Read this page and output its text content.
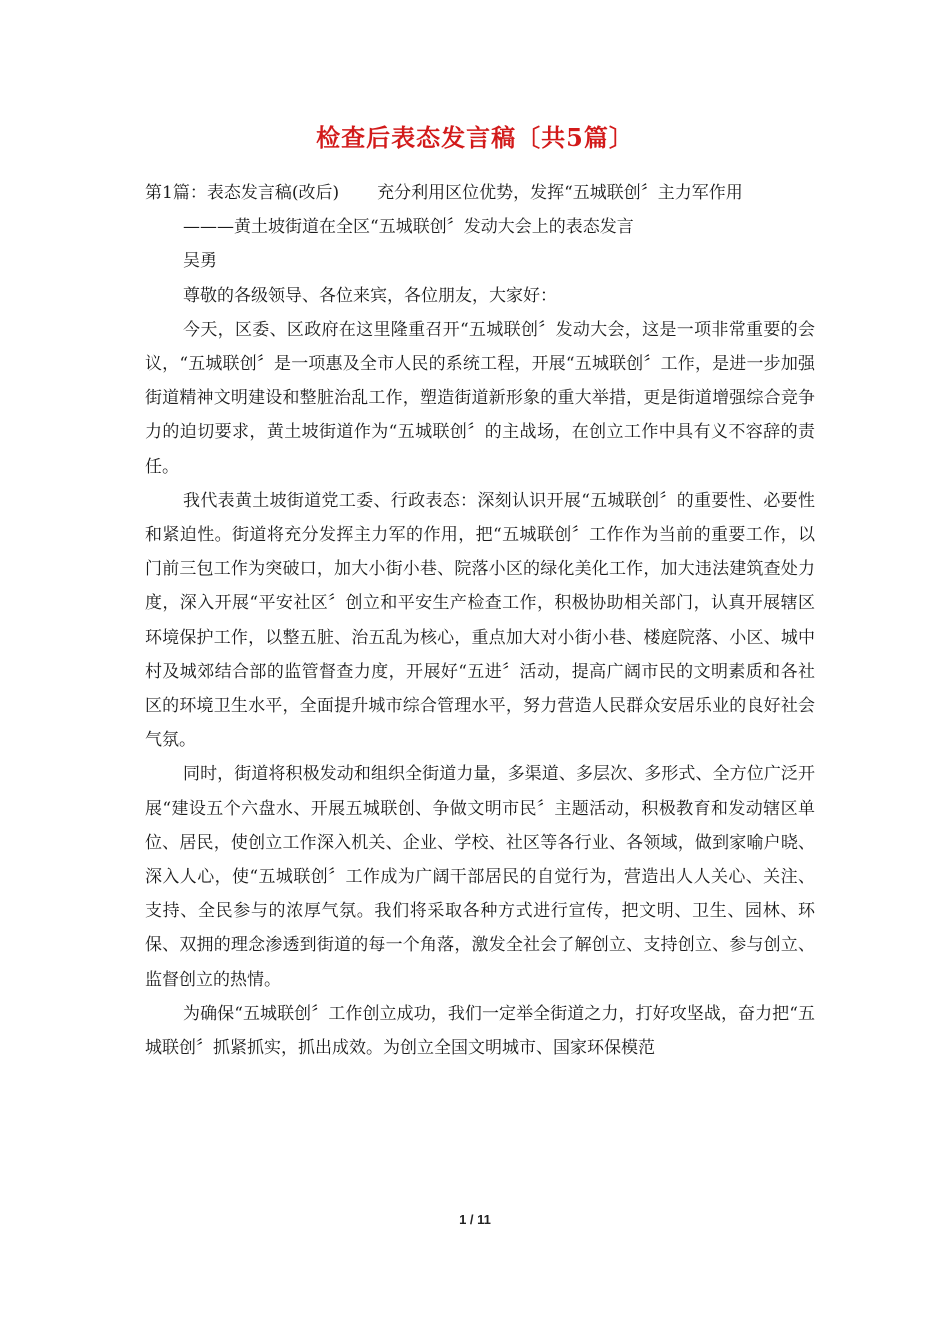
检查后表态发言稿〔共5篇〕

第1篇：表态发言稿(改后) 充分利用区位优势，发挥“五城联创〞主力军作用

———黄土坡街道在全区“五城联创〞发动大会上的表态发言

吴勇

尊敬的各级领导、各位来宾，各位朋友，大家好：

今天，区委、区政府在这里隆重召开“五城联创〞发动大会，这是一项非常重要的会议，“五城联创〞是一项惠及全市人民的系统工程，开展“五城联创〞工作，是进一步加强街道精神文明建设和整脏治乱工作，塑造街道新形象的重大举措，更是街道增强综合竞争力的迫切要求，黄土坡街道作为“五城联创〞的主战场，在创立工作中具有义不容辞的责任。

我代表黄土坡街道党工委、行政表态：深刻认识开展“五城联创〞的重要性、必要性和紧迫性。街道将充分发挥主力军的作用，把“五城联创〞工作作为当前的重要工作，以门前三包工作为突破口，加大小街小巷、院落小区的绿化美化工作，加大违法建筑查处力度，深入开展“平安社区〞创立和平安生产检查工作，积极协助相关部门，认真开展辖区环境保护工作，以整五脏、治五乱为核心，重点加大对小街小巷、楼庭院落、小区、城中村及城郊结合部的监管督查力度，开展好“五进〞活动，提高广阔市民的文明素质和各社区的环境卫生水平，全面提升城市综合管理水平，努力营造人民群众安居乐业的良好社会气氛。

同时，街道将积极发动和组织全街道力量，多渠道、多层次、多形式、全方位广泛开展“建设五个六盘水、开展五城联创、争做文明市民〞主题活动，积极教育和发动辖区单位、居民，使创立工作深入机关、企业、学校、社区等各行业、各领域，做到家喻户晓、深入人心，使“五城联创〞工作成为广阔干部居民的自觉行为，营造出人人关心、关注、支持、全民参与的浓厚气氛。我们将采取各种方式进行宣传，把文明、卫生、园林、环保、双拥的理念渗透到街道的每一个角落，激发全社会了解创立、支持创立、参与创立、监督创立的热情。

为确保“五城联创〞工作创立成功，我们一定举全街道之力，打好攻坚战，奋力把“五城联创〞抓紧抓实，抓出成效。为创立全国文明城市、国家环保模范

1 / 11
